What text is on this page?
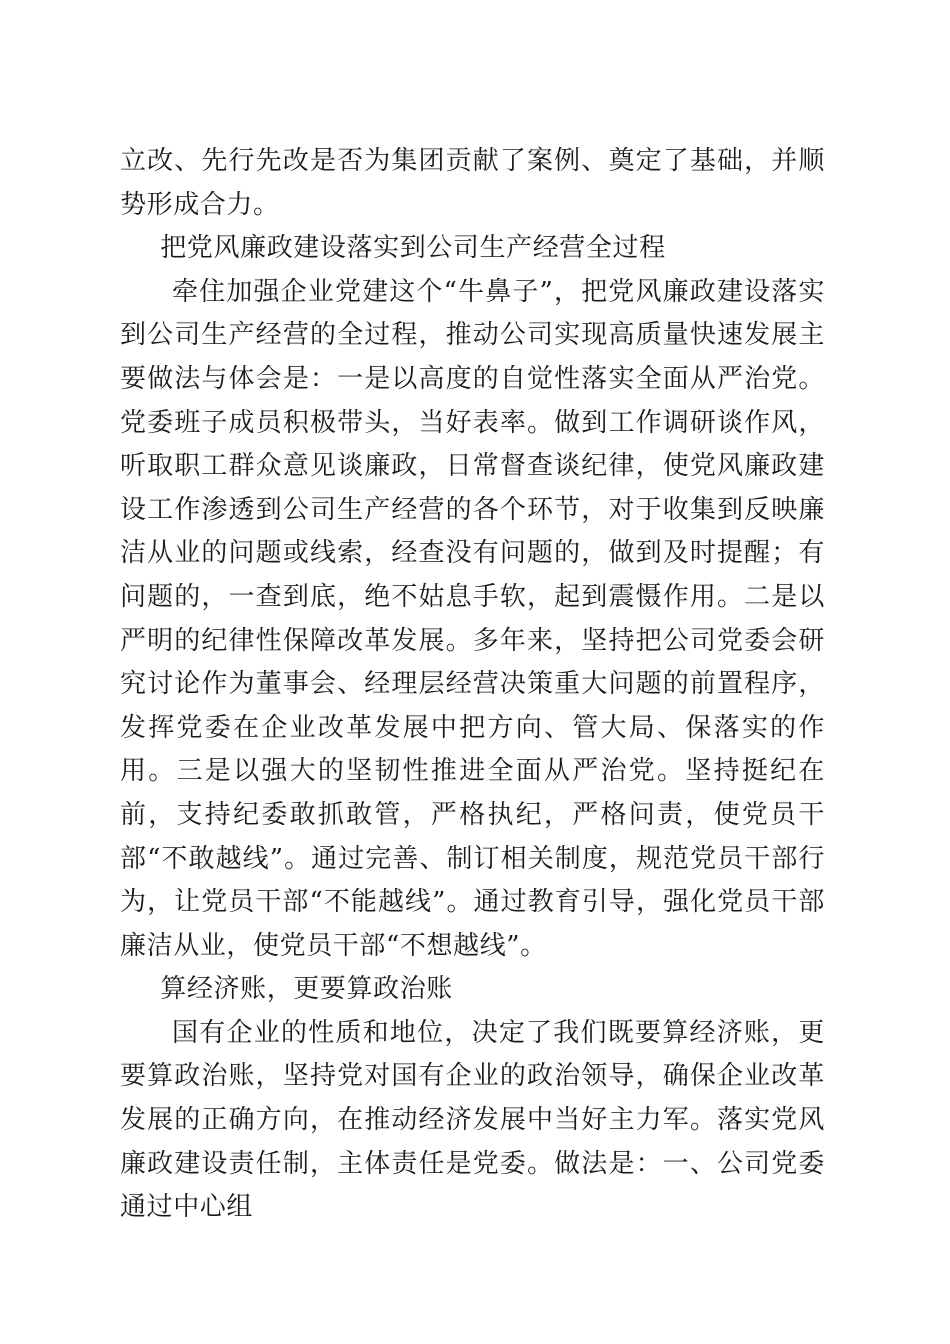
立改、先行先改是否为集团贡献了案例、奠定了基础，并顺势形成合力。

把党风廉政建设落实到公司生产经营全过程

牵住加强企业党建这个“牛鼻子”，把党风廉政建设落实到公司生产经营的全过程，推动公司实现高质量快速发展主要做法与体会是：一是以高度的自觉性落实全面从严治党。党委班子成员积极带头，当好表率。做到工作调研谈作风，听取职工群众意见谈廉政，日常督查谈纪律，使党风廉政建设工作渗透到公司生产经营的各个环节，对于收集到反映廉洁从业的问题或线索，经查没有问题的，做到及时提醒；有问题的，一查到底，绝不姑息手软，起到震慑作用。二是以严明的纪律性保障改革发展。多年来，坚持把公司党委会研究讨论作为董事会、经理层经营决策重大问题的前置程序，发挥党委在企业改革发展中把方向、管大局、保落实的作用。三是以强大的坚韧性推进全面从严治党。坚持挺纪在前，支持纪委敢抓敢管，严格执纪，严格问责，使党员干部“不敢越线”。通过完善、制订相关制度，规范党员干部行为，让党员干部“不能越线”。通过教育引导，强化党员干部廉洁从业，使党员干部“不想越线”。

算经济账，更要算政治账

国有企业的性质和地位，决定了我们既要算经济账，更要算政治账，坚持党对国有企业的政治领导，确保企业改革发展的正确方向，在推动经济发展中当好主力军。落实党风廉政建设责任制，主体责任是党委。做法是：一、公司党委通过中心组
